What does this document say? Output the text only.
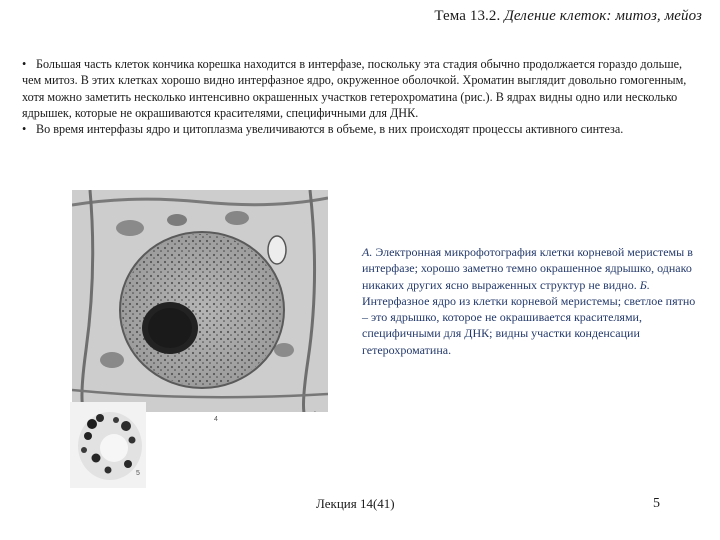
Тема 13.2. Деление клеток: митоз, мейоз

• Большая часть клеток кончика корешка находится в интерфазе, поскольку эта стадия обычно продолжается гораздо дольше, чем митоз. В этих клетках хорошо видно интерфазное ядро, окруженное оболочкой. Хроматин выглядит довольно гомогенным, хотя можно заметить несколько интенсивно окрашенных участков гетерохроматина (рис.). В ядрах видны одно или несколько ядрышек, которые не окрашиваются красителями, специфичными для ДНК.

• Во время интерфазы ядро и цитоплазма увеличиваются в объеме, в них происходят процессы активного синтеза.

4
5
А. Электронная микрофотография клетки корневой меристемы в интерфазе; хорошо заметно темно окрашенное ядрышко, однако никаких других ясно выраженных структур не видно. Б. Интерфазное ядро из клетки корневой меристемы; светлое пятно – это ядрышко, которое не окрашивается красителями, специфичными для ДНК; видны участки конденсации гетерохроматина.
Лекция 14(41)	5
